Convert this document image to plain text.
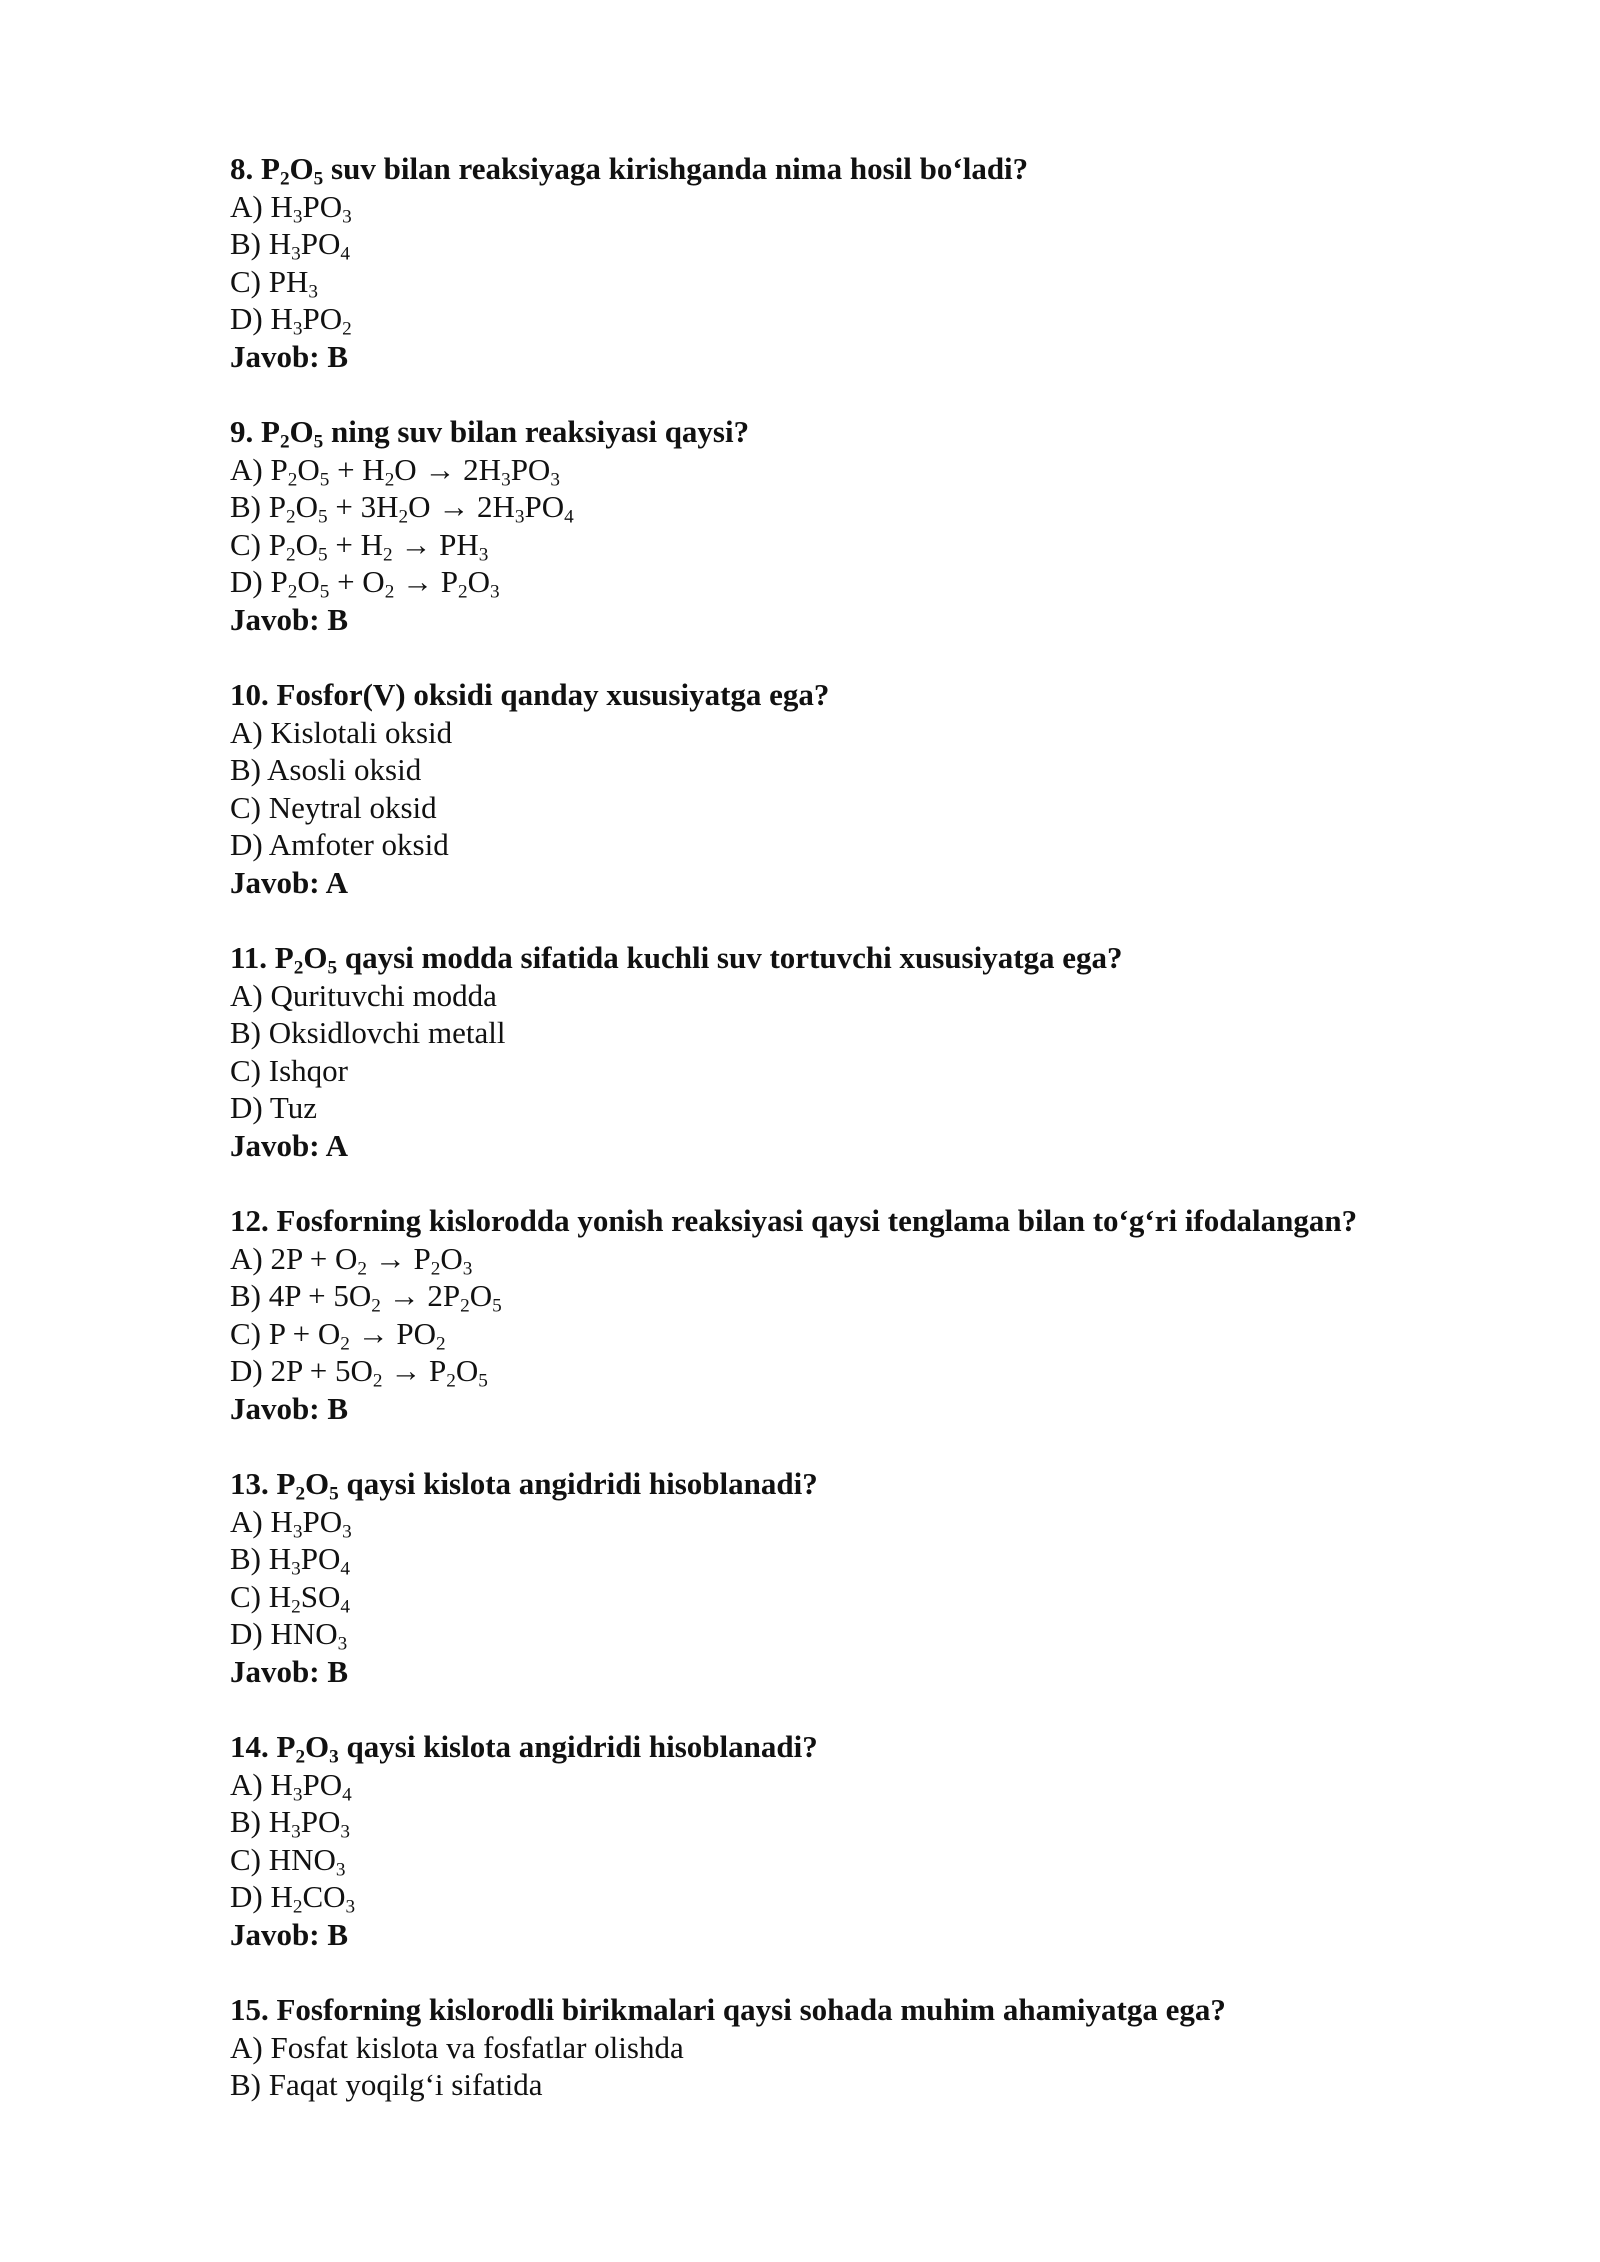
8. $P_2O_5$ suv bilan reaksiyaga kirishganda nima hosil bo‘ladi?
A) $H_3PO_3$
B) $H_3PO_4$
C) $PH_3$
D) $H_3PO_2$
Javob: B
9. $P_2O_5$ ning suv bilan reaksiyasi qaysi?
A) $P_2O_5 + H_2O \to 2H_3PO_3$
B) $P_2O_5 + 3H_2O \to 2H_3PO_4$
C) $P_2O_5 + H_2 \to PH_3$
D) $P_2O_5 + O_2 \to P_2O_3$
Javob: B
10. Fosfor(V) oksidi qanday xususiyatga ega?
A) Kislotali oksid
B) Asosli oksid
C) Neytral oksid
D) Amfoter oksid
Javob: A
11. $P_2O_5$ qaysi modda sifatida kuchli suv tortuvchi xususiyatga ega?
A) Qurituvchi modda
B) Oksidlovchi metall
C) Ishqor
D) Tuz
Javob: A
12. Fosforning kislorodda yonish reaksiyasi qaysi tenglama bilan to‘g‘ri ifodalangan?
A) $2P + O_2 \to P_2O_3$
B) $4P + 5O_2 \to 2P_2O_5$
C) $P + O_2 \to PO_2$
D) $2P + 5O_2 \to P_2O_5$
Javob: B
13. $P_2O_5$ qaysi kislota angidridi hisoblanadi?
A) $H_3PO_3$
B) $H_3PO_4$
C) $H_2SO_4$
D) $HNO_3$
Javob: B
14. $P_2O_3$ qaysi kislota angidridi hisoblanadi?
A) $H_3PO_4$
B) $H_3PO_3$
C) $HNO_3$
D) $H_2CO_3$
Javob: B
15. Fosforning kislorodli birikmalari qaysi sohada muhim ahamiyatga ega?
A) Fosfat kislota va fosfatlar olishda
B) Faqat yoqilg‘i sifatida
